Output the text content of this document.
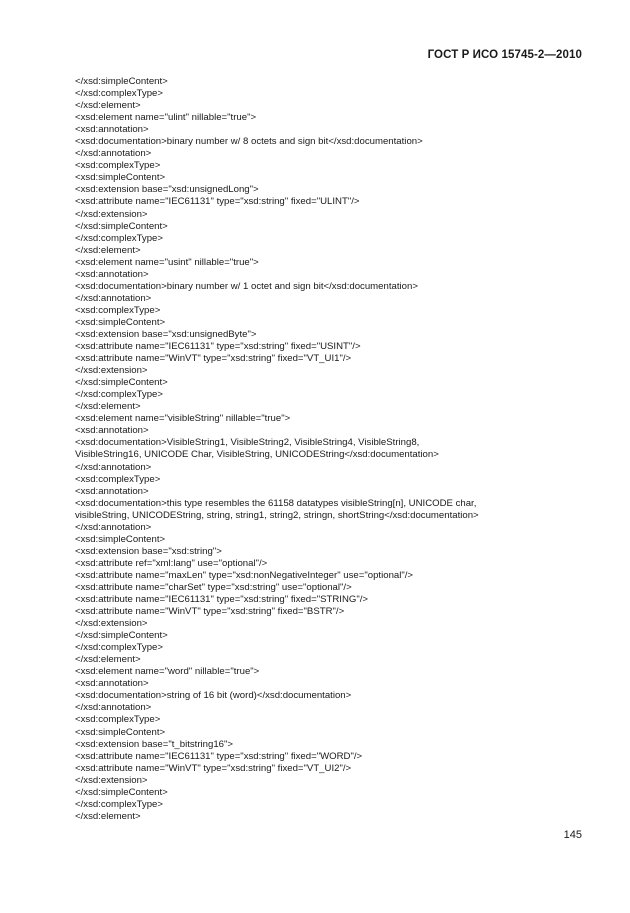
ГОСТ Р ИСО 15745-2—2010
</xsd:simpleContent>
</xsd:complexType>
</xsd:element>
<xsd:element name="ulint" nillable="true">
<xsd:annotation>
<xsd:documentation>binary number w/ 8 octets and sign bit</xsd:documentation>
</xsd:annotation>
<xsd:complexType>
<xsd:simpleContent>
<xsd:extension base="xsd:unsignedLong">
<xsd:attribute name="IEC61131" type="xsd:string" fixed="ULINT"/>
</xsd:extension>
</xsd:simpleContent>
</xsd:complexType>
</xsd:element>
<xsd:element name="usint" nillable="true">
<xsd:annotation>
<xsd:documentation>binary number w/ 1 octet and sign bit</xsd:documentation>
</xsd:annotation>
<xsd:complexType>
<xsd:simpleContent>
<xsd:extension base="xsd:unsignedByte">
<xsd:attribute name="IEC61131" type="xsd:string" fixed="USINT"/>
<xsd:attribute name="WinVT" type="xsd:string" fixed="VT_UI1"/>
</xsd:extension>
</xsd:simpleContent>
</xsd:complexType>
</xsd:element>
<xsd:element name="visibleString" nillable="true">
<xsd:annotation>
<xsd:documentation>VisibleString1, VisibleString2, VisibleString4, VisibleString8,
VisibleString16, UNICODE Char, VisibleString, UNICODEString</xsd:documentation>
</xsd:annotation>
<xsd:complexType>
<xsd:annotation>
<xsd:documentation>this type resembles the 61158 datatypes visibleString[n], UNICODE char,
visibleString, UNICODEString, string, string1, string2, stringn, shortString</xsd:documentation>
</xsd:annotation>
<xsd:simpleContent>
<xsd:extension base="xsd:string">
<xsd:attribute ref="xml:lang" use="optional"/>
<xsd:attribute name="maxLen" type="xsd:nonNegativeInteger" use="optional"/>
<xsd:attribute name="charSet" type="xsd:string" use="optional"/>
<xsd:attribute name="IEC61131" type="xsd:string" fixed="STRING"/>
<xsd:attribute name="WinVT" type="xsd:string" fixed="BSTR"/>
</xsd:extension>
</xsd:simpleContent>
</xsd:complexType>
</xsd:element>
<xsd:element name="word" nillable="true">
<xsd:annotation>
<xsd:documentation>string of 16 bit (word)</xsd:documentation>
</xsd:annotation>
<xsd:complexType>
<xsd:simpleContent>
<xsd:extension base="t_bitstring16">
<xsd:attribute name="IEC61131" type="xsd:string" fixed="WORD"/>
<xsd:attribute name="WinVT" type="xsd:string" fixed="VT_UI2"/>
</xsd:extension>
</xsd:simpleContent>
</xsd:complexType>
</xsd:element>
145
